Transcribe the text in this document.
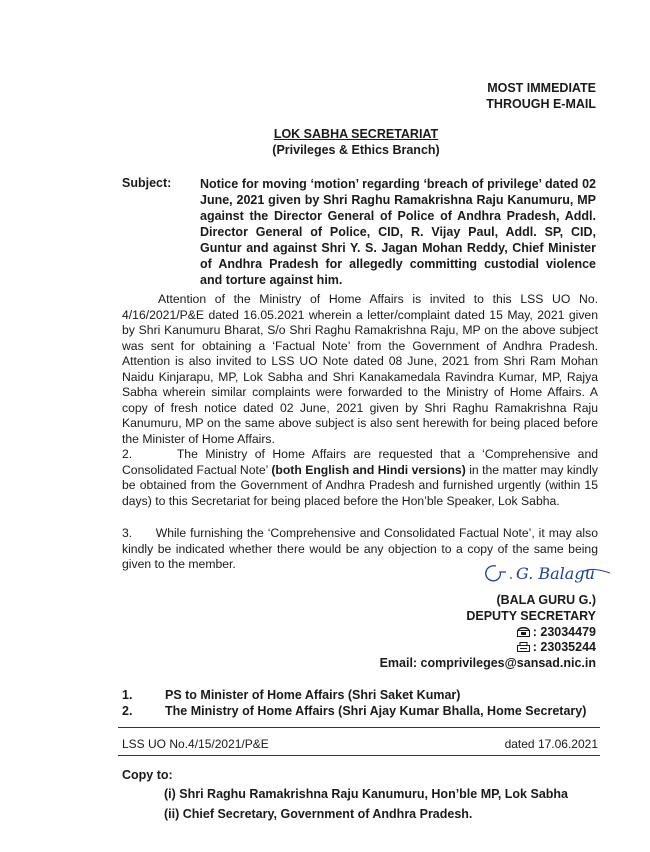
MOST IMMEDIATE
THROUGH E-MAIL
LOK SABHA SECRETARIAT
(Privileges & Ethics Branch)
Subject: Notice for moving ‘motion’ regarding ‘breach of privilege’ dated 02 June, 2021 given by Shri Raghu Ramakrishna Raju Kanumuru, MP against the Director General of Police of Andhra Pradesh, Addl. Director General of Police, CID, R. Vijay Paul, Addl. SP, CID, Guntur and against Shri Y. S. Jagan Mohan Reddy, Chief Minister of Andhra Pradesh for allegedly committing custodial violence and torture against him.
Attention of the Ministry of Home Affairs is invited to this LSS UO No. 4/16/2021/P&E dated 16.05.2021 wherein a letter/complaint dated 15 May, 2021 given by Shri Kanumuru Bharat, S/o Shri Raghu Ramakrishna Raju, MP on the above subject was sent for obtaining a ‘Factual Note’ from the Government of Andhra Pradesh. Attention is also invited to LSS UO Note dated 08 June, 2021 from Shri Ram Mohan Naidu Kinjarapu, MP, Lok Sabha and Shri Kanakamedala Ravindra Kumar, MP, Rajya Sabha wherein similar complaints were forwarded to the Ministry of Home Affairs. A copy of fresh notice dated 02 June, 2021 given by Shri Raghu Ramakrishna Raju Kanumuru, MP on the same above subject is also sent herewith for being placed before the Minister of Home Affairs.
2.      The Ministry of Home Affairs are requested that a ‘Comprehensive and Consolidated Factual Note’ (both English and Hindi versions) in the matter may kindly be obtained from the Government of Andhra Pradesh and furnished urgently (within 15 days) to this Secretariat for being placed before the Hon’ble Speaker, Lok Sabha.
3.      While furnishing the ‘Comprehensive and Consolidated Factual Note’, it may also kindly be indicated whether there would be any objection to a copy of the same being given to the member.	G. Balagu
(BALA GURU G.)
DEPUTY SECRETARY
: 23034479
: 23035244
Email: comprivileges@sansad.nic.in
1.	PS to Minister of Home Affairs (Shri Saket Kumar)
2.	The Ministry of Home Affairs (Shri Ajay Kumar Bhalla, Home Secretary)
LSS UO No.4/15/2021/P&E	dated 17.06.2021
Copy to:
(i) Shri Raghu Ramakrishna Raju Kanumuru, Hon’ble MP, Lok Sabha
(ii) Chief Secretary, Government of Andhra Pradesh.
